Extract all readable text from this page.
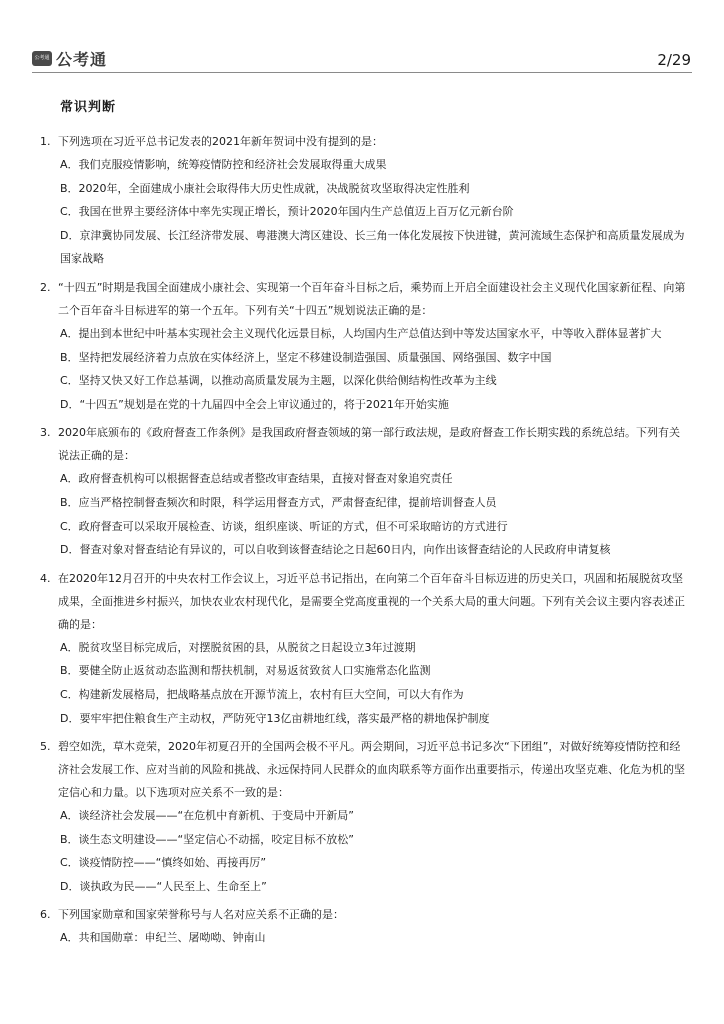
公考通 公考通	2/29
常识判断
1. 下列选项在习近平总书记发表的2021年新年贺词中没有提到的是：
A．我们克服疫情影响，统筹疫情防控和经济社会发展取得重大成果
B．2020年，全面建成小康社会取得伟大历史性成就，决战脱贫攻坚取得决定性胜利
C．我国在世界主要经济体中率先实现正增长，预计2020年国内生产总值迈上百万亿元新台阶
D．京津冀协同发展、长江经济带发展、粤港澳大湾区建设、长三角一体化发展按下快进键，黄河流域生态保护和高质量发展成为国家战略
2. “十四五”时期是我国全面建成小康社会、实现第一个百年奋斗目标之后，乘势而上开启全面建设社会主义现代化国家新征程、向第二个百年奋斗目标进军的第一个五年。下列有关“十四五”规划说法正确的是：
A．提出到本世纪中叶基本实现社会主义现代化远景目标，人均国内生产总值达到中等发达国家水平，中等收入群体显著扩大
B．坚持把发展经济着力点放在实体经济上，坚定不移建设制造强国、质量强国、网络强国、数字中国
C．坚持又快又好工作总基调，以推动高质量发展为主题，以深化供给侧结构性改革为主线
D．“十四五”规划是在党的十九届四中全会上审议通过的，将于2021年开始实施
3. 2020年底颁布的《政府督查工作条例》是我国政府督查领域的第一部行政法规，是政府督查工作长期实践的系统总结。下列有关说法正确的是：
A．政府督查机构可以根据督查总结或者整改审查结果，直接对督查对象追究责任
B．应当严格控制督查频次和时限，科学运用督查方式，严肃督查纪律，提前培训督查人员
C．政府督查可以采取开展检查、访谈，组织座谈、听证的方式，但不可采取暗访的方式进行
D．督查对象对督查结论有异议的，可以自收到该督查结论之日起60日内，向作出该督查结论的人民政府申请复核
4. 在2020年12月召开的中央农村工作会议上，习近平总书记指出，在向第二个百年奋斗目标迈进的历史关口，巩固和拓展脱贫攻坚成果，全面推进乡村振兴，加快农业农村现代化，是需要全党高度重视的一个关系大局的重大问题。下列有关会议主要内容表述正确的是：
A．脱贫攻坚目标完成后，对摆脱贫困的县，从脱贫之日起设立3年过渡期
B．要健全防止返贫动态监测和帮扶机制，对易返贫致贫人口实施常态化监测
C．构建新发展格局，把战略基点放在开源节流上，农村有巨大空间，可以大有作为
D．要牢牢把住粮食生产主动权，严防死守13亿亩耕地红线，落实最严格的耕地保护制度
5. 碧空如洗，草木竞荣，2020年初夏召开的全国两会极不平凡。两会期间，习近平总书记多次“下团组”，对做好统筹疫情防控和经济社会发展工作、应对当前的风险和挑战、永远保持同人民群众的血肉联系等方面作出重要指示，传递出攻坚克难、化危为机的坚定信心和力量。以下选项对应关系不一致的是：
A．谈经济社会发展——“在危机中育新机、于变局中开新局”
B．谈生态文明建设——“坚定信心不动摇，咬定目标不放松”
C．谈疫情防控——“慎终如始、再接再厉”
D．谈执政为民——“人民至上、生命至上”
6. 下列国家勋章和国家荣誉称号与人名对应关系不正确的是：
A．共和国勋章：申纪兰、屠呦呦、钟南山
